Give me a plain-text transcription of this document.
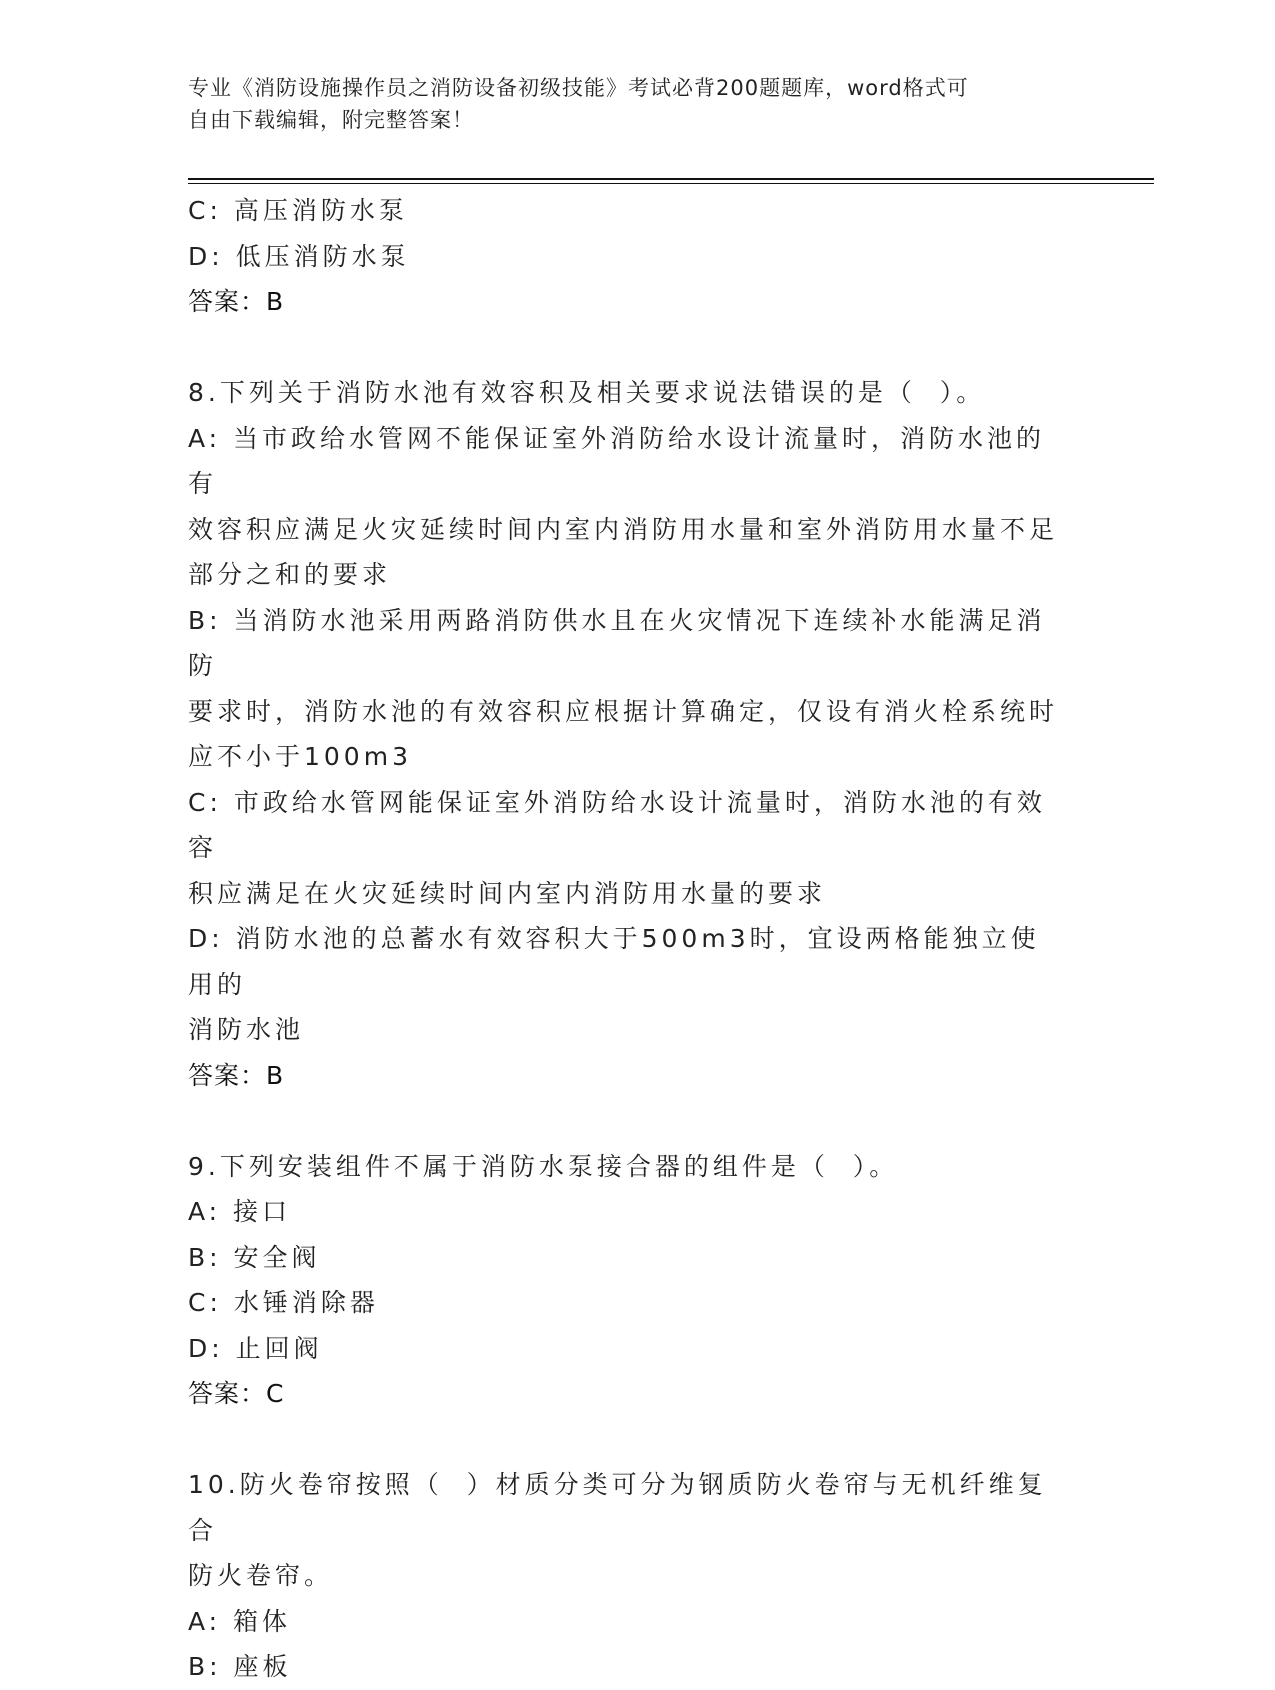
专业《消防设施操作员之消防设备初级技能》考试必背200题题库，word格式可
自由下载编辑，附完整答案！
C: 高压消防水泵
D: 低压消防水泵
答案：B
8.下列关于消防水池有效容积及相关要求说法错误的是（  ）。
A: 当市政给水管网不能保证室外消防给水设计流量时，消防水池的有
效容积应满足火灾延续时间内室内消防用水量和室外消防用水量不足
部分之和的要求
B: 当消防水池采用两路消防供水且在火灾情况下连续补水能满足消防
要求时，消防水池的有效容积应根据计算确定，仅设有消火栓系统时
应不小于100m3
C: 市政给水管网能保证室外消防给水设计流量时，消防水池的有效容
积应满足在火灾延续时间内室内消防用水量的要求
D: 消防水池的总蓄水有效容积大于500m3时，宜设两格能独立使用的
消防水池
答案：B
9.下列安装组件不属于消防水泵接合器的组件是（  ）。
A: 接口
B: 安全阀
C: 水锤消除器
D: 止回阀
答案：C
10.防火卷帘按照（  ）材质分类可分为钢质防火卷帘与无机纤维复合
防火卷帘。
A: 箱体
B: 座板
